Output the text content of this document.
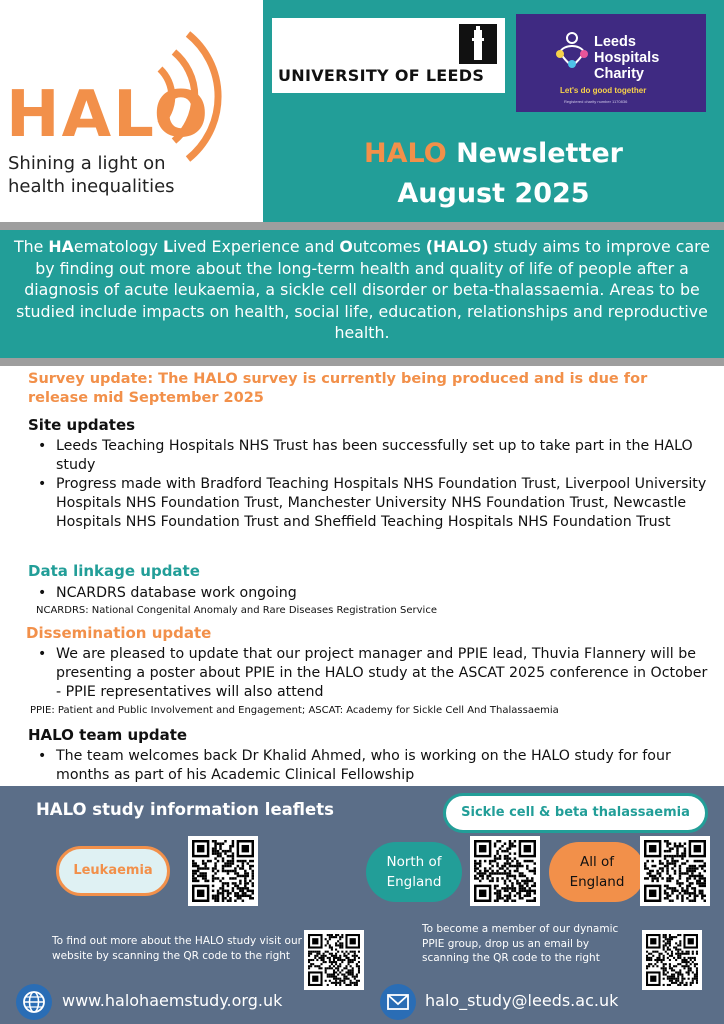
HALO
Shining a light on
health inequalities
UNIVERSITY OF LEEDS
Leeds
Hospitals
Charity
Let's do good together
Registered charity number 1170836
HALO Newsletter
August 2025
The HAematology Lived Experience and Outcomes (HALO) study aims to improve care by finding out more about the long-term health and quality of life of people after a diagnosis of acute leukaemia, a sickle cell disorder or beta-thalassaemia. Areas to be studied include impacts on health, social life, education, relationships and reproductive health.
Survey update: The HALO survey is currently being produced and is due for release mid September 2025
Site updates
• Leeds Teaching Hospitals NHS Trust has been successfully set up to take part in the HALO study
• Progress made with Bradford Teaching Hospitals NHS Foundation Trust, Liverpool University Hospitals NHS Foundation Trust, Manchester University NHS Foundation Trust, Newcastle Hospitals NHS Foundation Trust and Sheffield Teaching Hospitals NHS Foundation Trust
Data linkage update
• NCARDRS database work ongoing
NCARDRS: National Congenital Anomaly and Rare Diseases Registration Service
Dissemination update
• We are pleased to update that our project manager and PPIE lead, Thuvia Flannery will be presenting a poster about PPIE in the HALO study at the ASCAT 2025 conference in October - PPIE representatives will also attend
PPIE: Patient and Public Involvement and Engagement; ASCAT: Academy for Sickle Cell And Thalassaemia
HALO team update
• The team welcomes back Dr Khalid Ahmed, who is working on the HALO study for four months as part of his Academic Clinical Fellowship
HALO study information leaflets	Sickle cell & beta thalassaemia
Leukaemia
North of
England
All of
England
To find out more about the HALO study visit our website by scanning the QR code to the right
To become a member of our dynamic PPIE group, drop us an email by scanning the QR code to the right
www.halohaemstudy.org.uk	halo_study@leeds.ac.uk
